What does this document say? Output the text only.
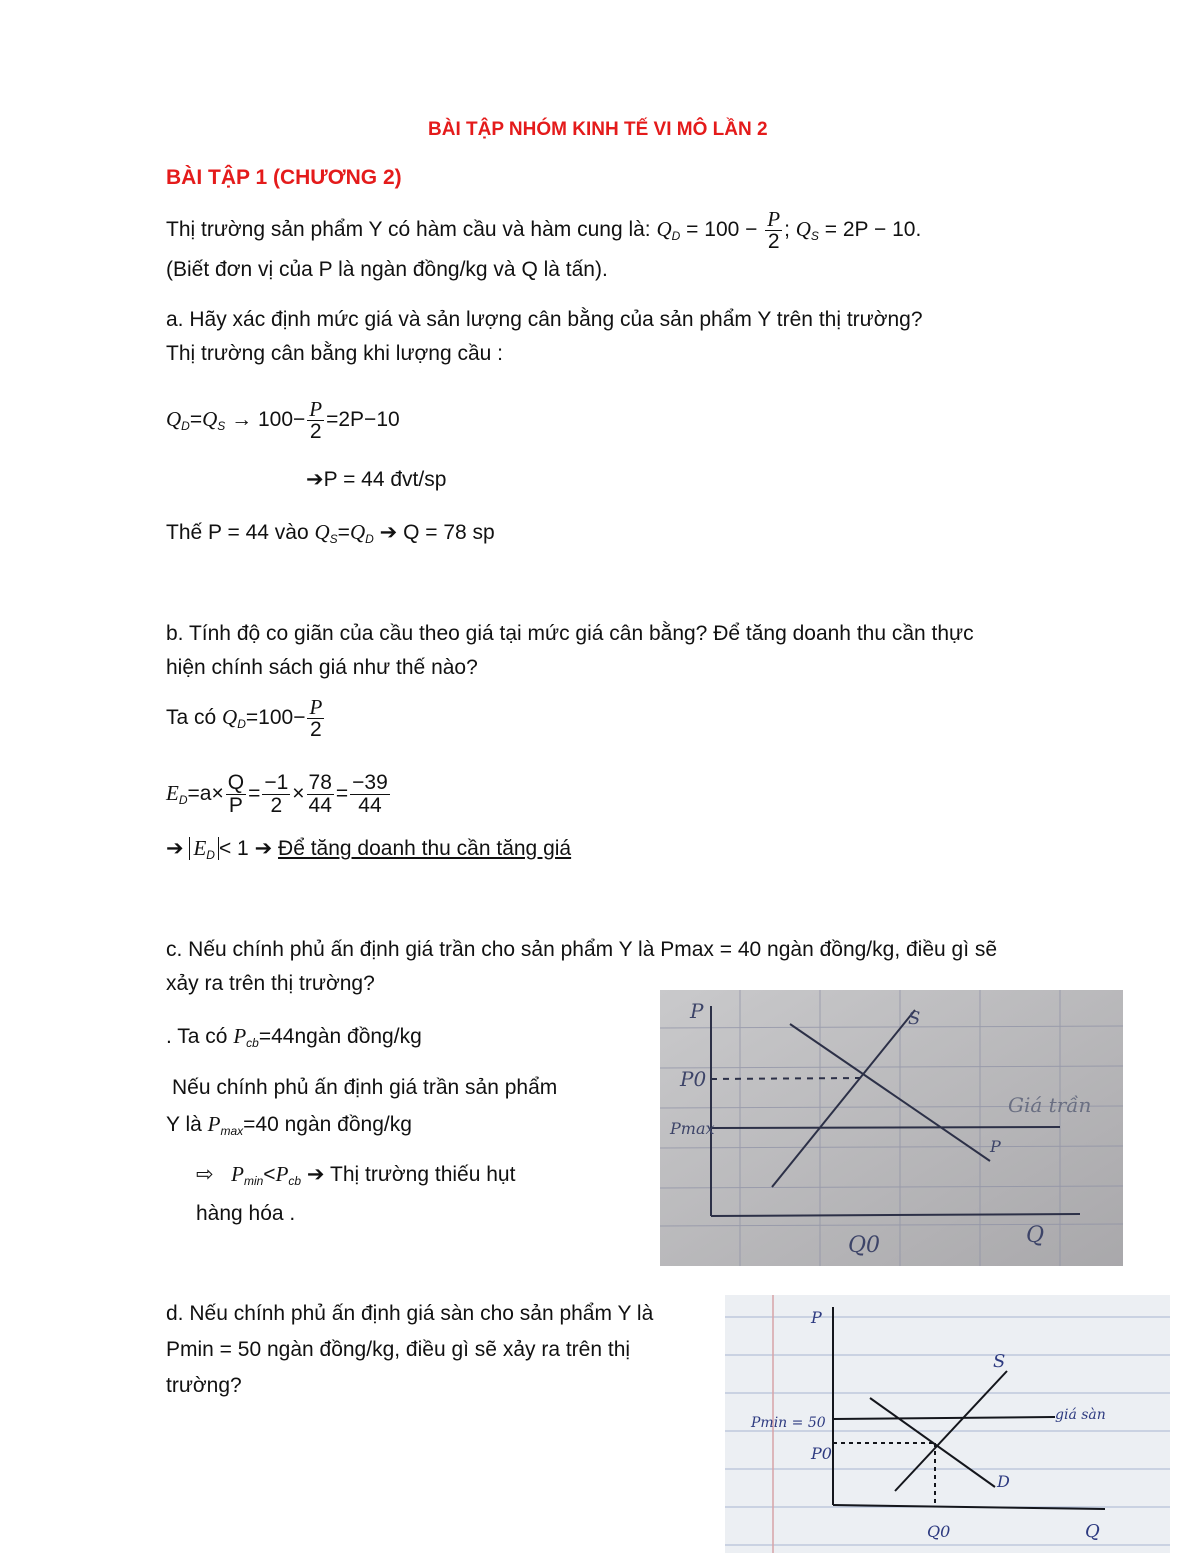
BÀI TẬP NHÓM KINH TẾ VI MÔ LẦN 2
BÀI TẬP 1 (CHƯƠNG 2)
Thị trường sản phẩm Y có hàm cầu và hàm cung là: $Q_D = 100 - \frac{P}{2}$ ; $Q_S = 2P - 10$.
(Biết đơn vị của P là ngàn đồng/kg và Q là tấn).
a. Hãy xác định mức giá và sản lượng cân bằng của sản phẩm Y trên thị trường?
Thị trường cân bằng khi lượng cầu :
$Q_D=Q_S \to 100- \frac{P}{2} =2P-10$
➔P = 44 đvt/sp
Thế P = 44 vào $Q_S=Q_D$ ➔ Q = 78 sp
b. Tính độ co giãn của cầu theo giá tại mức giá cân bằng? Để tăng doanh thu cần thực
hiện chính sách giá như thế nào?
Ta có $Q_D=100- \frac{P}{2}$
$E_D=a\times \frac{Q}{P} = \frac{-1}{2} \times \frac{78}{44} = \frac{-39}{44}$
➔ $E_D < 1$ ➔ Để tăng doanh thu cần tăng giá
c. Nếu chính phủ ấn định giá trần cho sản phẩm Y là Pmax = 40 ngàn đồng/kg, điều gì sẽ
xảy ra trên thị trường?
. Ta có $P_{cb}=44ngàn$ đồng/kg
Nếu chính phủ ấn định giá trần sản phẩm
Y là $P_{max}=40$ ngàn đồng/kg
⇨ $P_{min}<P_{cb}$ ➔ Thị trường thiếu hụt
hàng hóa .
P	S
P0
Pmax
Giá trần
P
Q0	Q
d. Nếu chính phủ ấn định giá sàn cho sản phẩm Y là
Pmin = 50 ngàn đồng/kg, điều gì sẽ xảy ra trên thị
trường?
P
S
Pmin = 50
P0
giá sàn
D
Q0	Q
